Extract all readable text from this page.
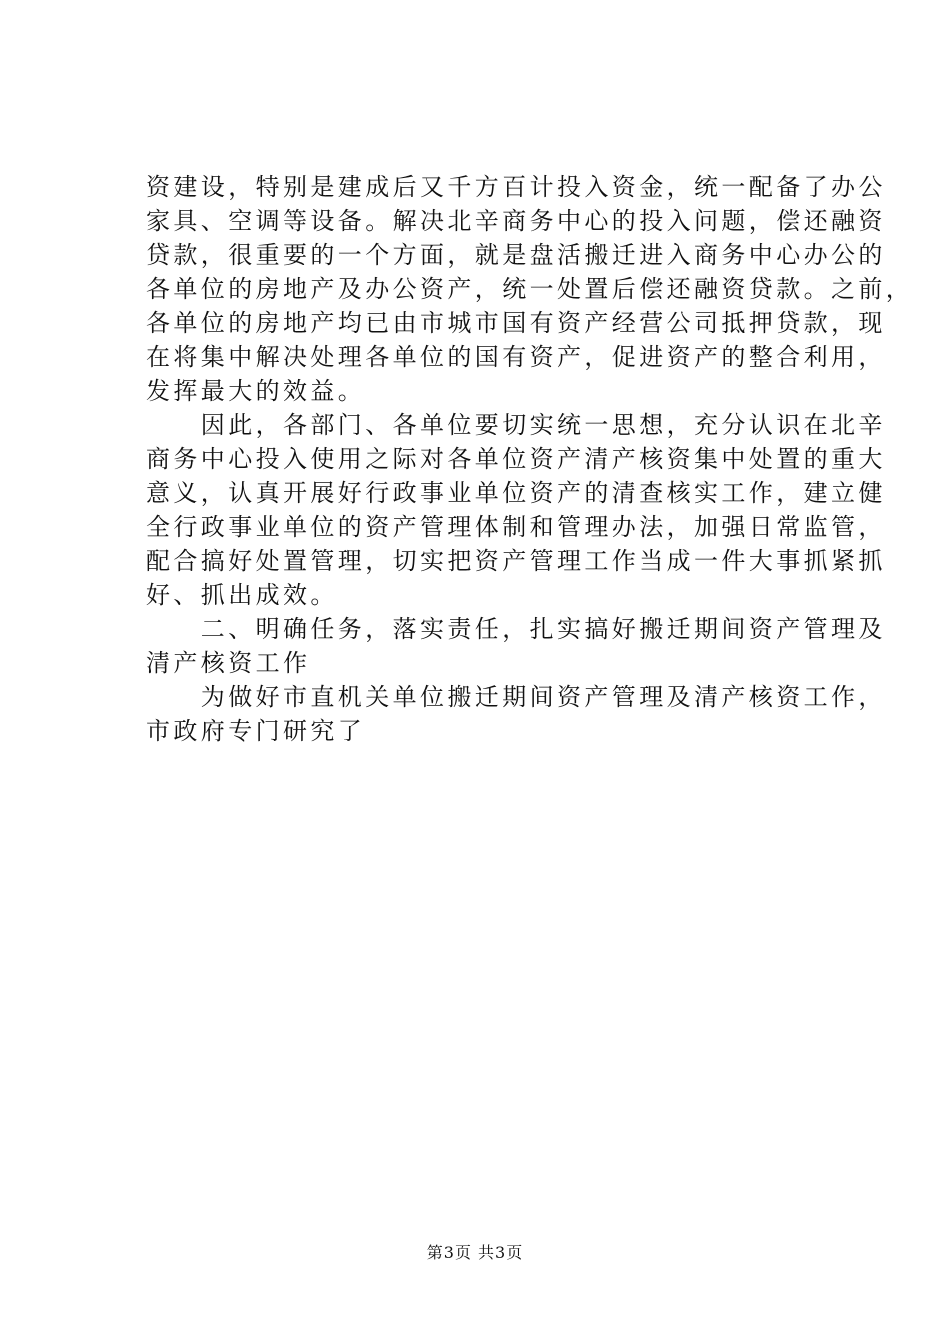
资建设，特别是建成后又千方百计投入资金，统一配备了办公
家具、空调等设备。解决北辛商务中心的投入问题，偿还融资
贷款，很重要的一个方面，就是盘活搬迁进入商务中心办公的
各单位的房地产及办公资产，统一处置后偿还融资贷款。之前，
各单位的房地产均已由市城市国有资产经营公司抵押贷款，现
在将集中解决处理各单位的国有资产，促进资产的整合利用，
发挥最大的效益。
　　因此，各部门、各单位要切实统一思想，充分认识在北辛
商务中心投入使用之际对各单位资产清产核资集中处置的重大
意义，认真开展好行政事业单位资产的清查核实工作，建立健
全行政事业单位的资产管理体制和管理办法，加强日常监管，
配合搞好处置管理，切实把资产管理工作当成一件大事抓紧抓
好、抓出成效。
　　二、明确任务，落实责任，扎实搞好搬迁期间资产管理及
清产核资工作
　　为做好市直机关单位搬迁期间资产管理及清产核资工作，
市政府专门研究了
第3页 共3页
